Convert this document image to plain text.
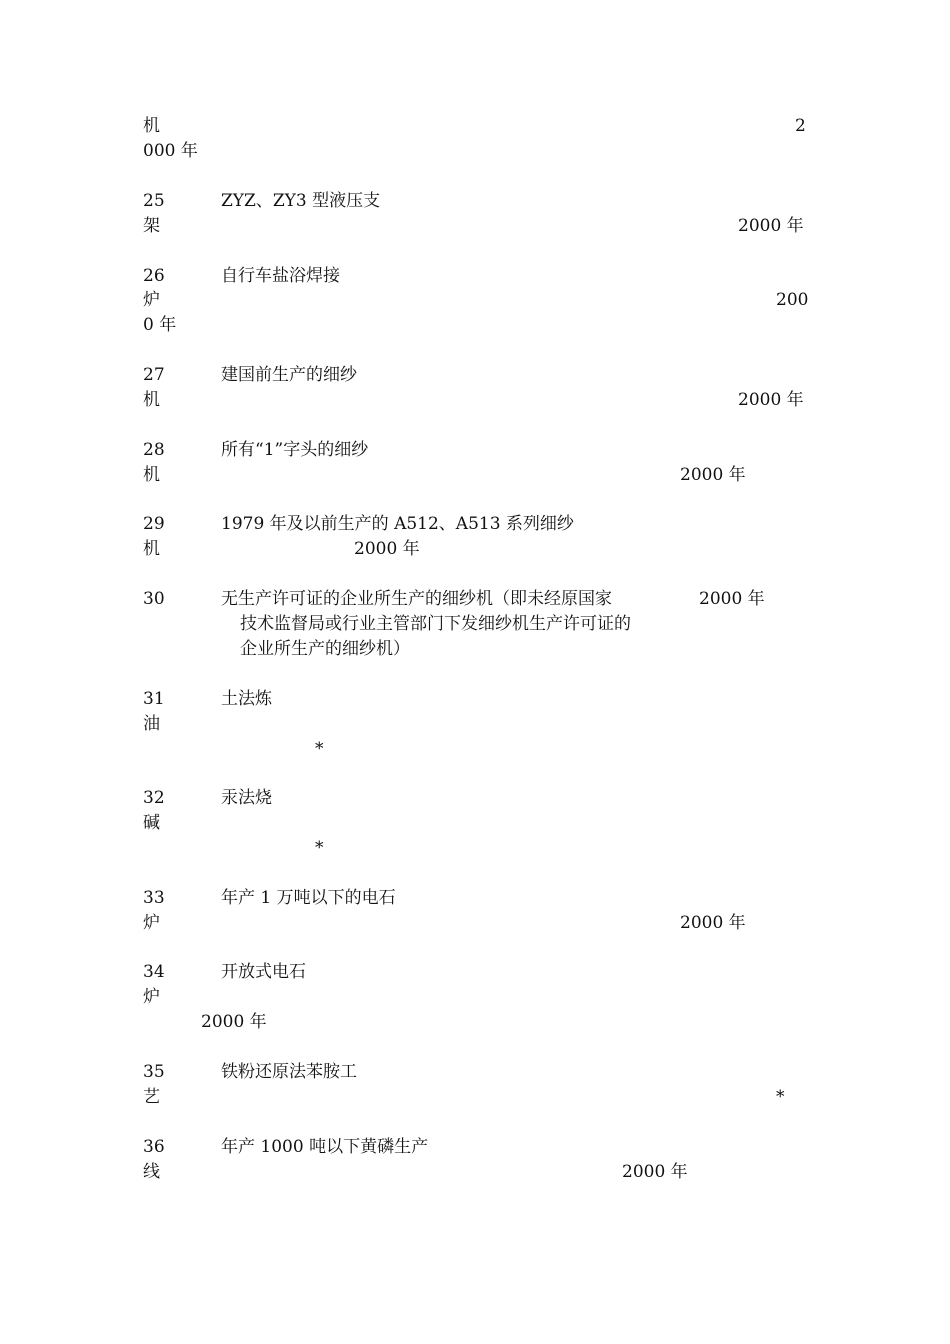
机	2
000 年
25	ZYZ、ZY3 型液压支
架	2000 年
26	自行车盐浴焊接
炉	200
0 年
27	建国前生产的细纱
机	2000 年
28	所有“1”字头的细纱
机	2000 年
29	1979 年及以前生产的 A512、A513 系列细纱
机	2000 年
30	无生产许可证的企业所生产的细纱机（即未经原国家	2000 年
技术监督局或行业主管部门下发细纱机生产许可证的
企业所生产的细纱机）
31	土法炼
油
*
32	汞法烧
碱
*
33	年产 1 万吨以下的电石
炉	2000 年
34	开放式电石
炉
2000 年
35	铁粉还原法苯胺工
艺	*
36	年产 1000 吨以下黄磷生产
线	2000 年
